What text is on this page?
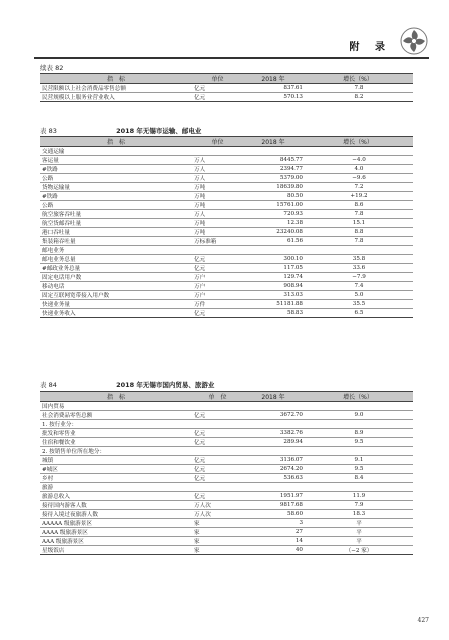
附 录
续表 82
指　标	单位	2018 年	增长（%）
民营限额以上社会消费品零售总额	亿元	837.61	7.8
民营规模以上服务业营业收入	亿元	570.13	8.2
表 83	2018 年无锡市运输、邮电业
指　标	单位	2018 年	增长（%）
交通运输			
客运量	万人	8445.77	−4.0
#铁路	万人	2394.77	4.0
公路	万人	5379.00	−9.6
货物运输量	万吨	18639.80	7.2
#铁路	万吨	80.50	+19.2
公路	万吨	15761.00	8.6
航空旅客吞吐量	万人	720.93	7.8
航空货邮吞吐量	万吨	12.38	15.1
港口吞吐量	万吨	23240.08	8.8
集装箱吞吐量	万标准箱	61.56	7.8
邮电业务			
邮电业务总量	亿元	300.10	35.8
#邮政业务总量	亿元	117.05	33.6
固定电话用户数	万户	129.74	−7.9
移动电话	万户	908.94	7.4
固定互联网宽带接入用户数	万户	313.03	5.0
快递业务量	万件	51181.88	35.5
快递业务收入	亿元	58.83	6.5
表 84	2018 年无锡市国内贸易、旅游业
指　标	单　位	2018 年	增长（%）
国内贸易			
社会消费品零售总额	亿元	3672.70	9.0
1. 按行业分：			
批发和零售业	亿元	3382.76	8.9
住宿和餐饮业	亿元	289.94	9.5
2. 按销售单位所在地分：			
城镇	亿元	3136.07	9.1
#城区	亿元	2674.20	9.5
乡村	亿元	536.63	8.4
旅游			
旅游总收入	亿元	1951.97	11.9
接待国内游客人数	万人次	9817.68	7.9
接待入境过夜旅游人数	万人次	58.60	18.3
AAAAA 级旅游景区	家	3	平
AAAA 级旅游景区	家	27	平
AAA 级旅游景区	家	14	平
星级饭店	家	40	（−2 家）
427
